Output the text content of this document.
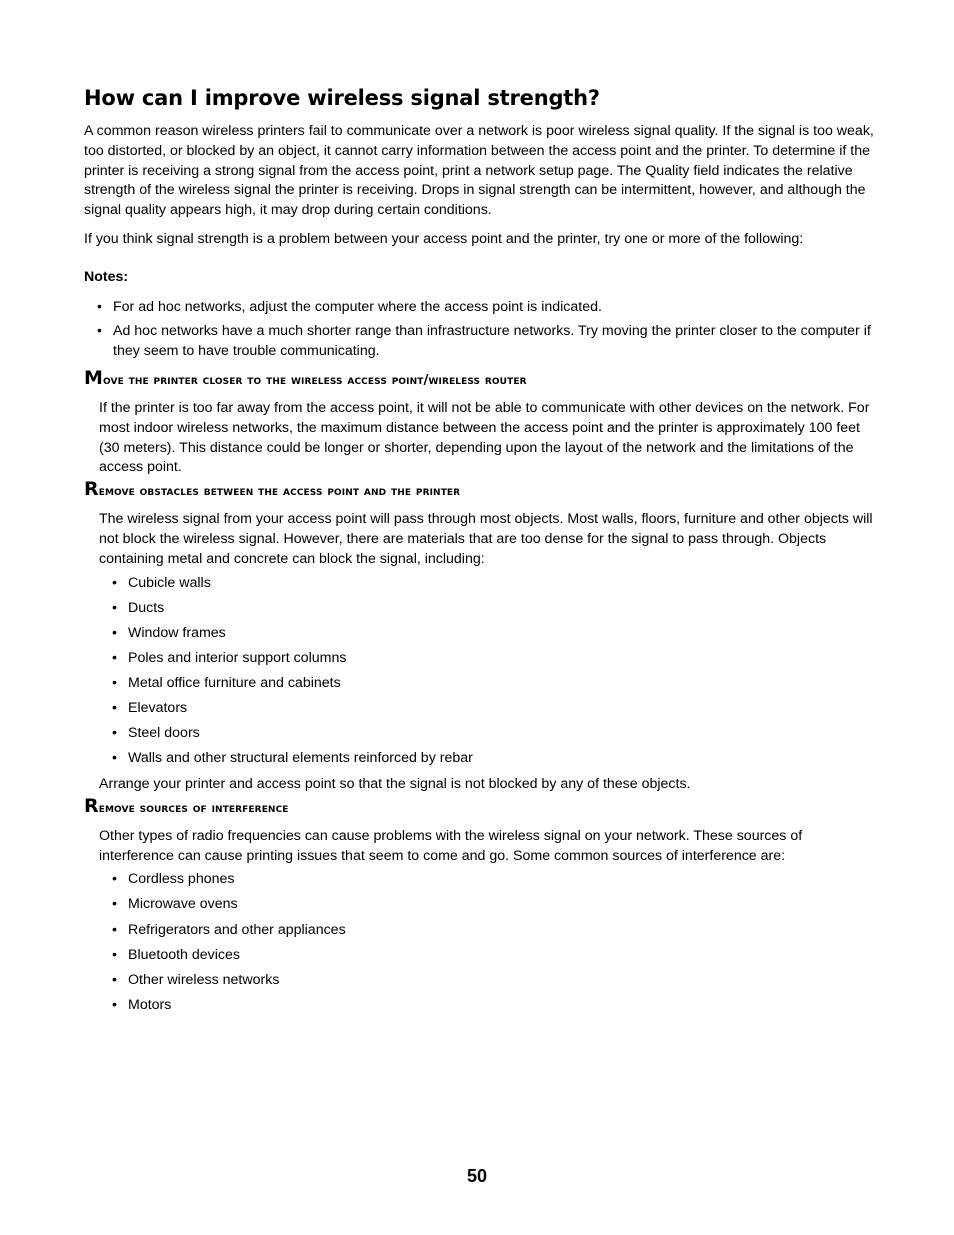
How can I improve wireless signal strength?

A common reason wireless printers fail to communicate over a network is poor wireless signal quality. If the signal is too weak, too distorted, or blocked by an object, it cannot carry information between the access point and the printer. To determine if the printer is receiving a strong signal from the access point, print a network setup page. The Quality field indicates the relative strength of the wireless signal the printer is receiving. Drops in signal strength can be intermittent, however, and although the signal quality appears high, it may drop during certain conditions.

If you think signal strength is a problem between your access point and the printer, try one or more of the following:

Notes:
• For ad hoc networks, adjust the computer where the access point is indicated.
• Ad hoc networks have a much shorter range than infrastructure networks. Try moving the printer closer to the computer if they seem to have trouble communicating.
Move the printer closer to the wireless access point/wireless router

If the printer is too far away from the access point, it will not be able to communicate with other devices on the network. For most indoor wireless networks, the maximum distance between the access point and the printer is approximately 100 feet (30 meters). This distance could be longer or shorter, depending upon the layout of the network and the limitations of the access point.

Remove obstacles between the access point and the printer

The wireless signal from your access point will pass through most objects. Most walls, floors, furniture and other objects will not block the wireless signal. However, there are materials that are too dense for the signal to pass through. Objects containing metal and concrete can block the signal, including:

• Cubicle walls
• Ducts
• Window frames
• Poles and interior support columns
• Metal office furniture and cabinets
• Elevators
• Steel doors
• Walls and other structural elements reinforced by rebar

Arrange your printer and access point so that the signal is not blocked by any of these objects.

Remove sources of interference

Other types of radio frequencies can cause problems with the wireless signal on your network. These sources of interference can cause printing issues that seem to come and go. Some common sources of interference are:

• Cordless phones
• Microwave ovens
• Refrigerators and other appliances
• Bluetooth devices
• Other wireless networks
• Motors
50
